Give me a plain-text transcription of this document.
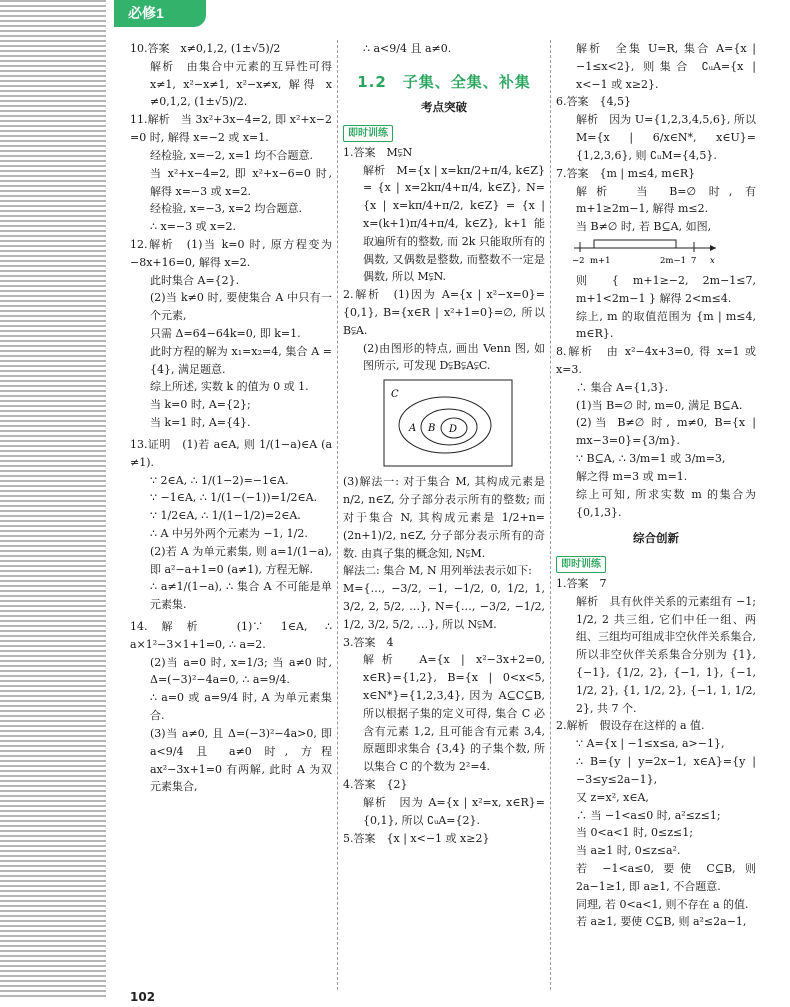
必修1

10.答案　x≠0,1,2, (1±√5)/2

解析　由集合中元素的互异性可得 x≠1, x²−x≠1, x²−x≠x, 解得 x ≠0,1,2, (1±√5)/2.

11.解析　当 3x²+3x−4=2, 即 x²+x−2 =0 时, 解得 x=−2 或 x=1.

经检验, x=−2, x=1 均不合题意.

当 x²+x−4=2, 即 x²+x−6=0 时, 解得 x=−3 或 x=2.

经检验, x=−3, x=2 均合题意.

∴ x=−3 或 x=2.

12.解析　(1)当 k=0 时, 原方程变为 −8x+16=0, 解得 x=2.

此时集合 A={2}.

(2)当 k≠0 时, 要使集合 A 中只有一个元素,

只需 Δ=64−64k=0, 即 k=1.

此时方程的解为 x₁=x₂=4, 集合 A ={4}, 满足题意.

综上所述, 实数 k 的值为 0 或 1.

当 k=0 时, A={2};

当 k=1 时, A={4}.

13.证明　(1)若 a∈A, 则 1/(1−a)∈A (a ≠1).

∵ 2∈A, ∴ 1/(1−2)=−1∈A.

∵ −1∈A, ∴ 1/(1−(−1))=1/2∈A.

∵ 1/2∈A, ∴ 1/(1−1/2)=2∈A.

∴ A 中另外两个元素为 −1, 1/2.

(2)若 A 为单元素集, 则 a=1/(1−a), 即 a²−a+1=0 (a≠1), 方程无解.

∴ a≠1/(1−a), ∴ 集合 A 不可能是单元素集.

14.解析　(1)∵ 1∈A, ∴ a×1²−3×1+1=0, ∴ a=2.

(2)当 a=0 时, x=1/3; 当 a≠0 时, Δ=(−3)²−4a=0, ∴ a=9/4.

∴ a=0 或 a=9/4 时, A 为单元素集合.

(3)当 a≠0, 且 Δ=(−3)²−4a>0, 即 a<9/4 且 a≠0 时, 方程 ax²−3x+1=0 有两解, 此时 A 为双元素集合,

∴ a<9/4 且 a≠0.

1.2　子集、全集、补集
考点突破
即时训练

1.答案　M⫋N

解析　M={x | x=kπ/2+π/4, k∈Z} = {x | x=2kπ/4+π/4, k∈Z}, N={x | x=kπ/4+π/2, k∈Z} = {x | x=(k+1)π/4+π/4, k∈Z}, k+1 能取遍所有的整数, 而 2k 只能取所有的偶数, 又偶数是整数, 而整数不一定是偶数, 所以 M⫋N.

2.解析　(1)因为 A={x | x²−x=0}={0,1}, B={x∈R | x²+1=0}=∅, 所以 B⫋A.

(2)由图形的特点, 画出 Venn 图, 如图所示, 可发现 D⫋B⫋A⫋C.

C
A B D

(3)解法一: 对于集合 M, 其构成元素是 n/2, n∈Z, 分子部分表示所有的整数; 而对于集合 N, 其构成元素是 1/2+n=(2n+1)/2, n∈Z, 分子部分表示所有的奇数. 由真子集的概念知, N⫋M.

解法二: 集合 M, N 用列举法表示如下:

M={…, −3/2, −1, −1/2, 0, 1/2, 1, 3/2, 2, 5/2, …}, N={…, −3/2, −1/2, 1/2, 3/2, 5/2, …}, 所以 N⫋M.

3.答案　4

解析　A={x | x²−3x+2=0, x∈R}={1,2}, B={x | 0<x<5, x∈N*}={1,2,3,4}, 因为 A⊆C⊆B, 所以根据子集的定义可得, 集合 C 必含有元素 1,2, 且可能含有元素 3,4, 原题即求集合 {3,4} 的子集个数, 所以集合 C 的个数为 2²=4.

4.答案　{2}

解析　因为 A={x | x²=x, x∈R}={0,1}, 所以 ∁ᵤA={2}.

5.答案　{x | x<−1 或 x≥2}

解析　全集 U=R, 集合 A={x | −1≤x<2}, 则集合 ∁ᵤA={x | x<−1 或 x≥2}.

6.答案　{4,5}

解析　因为 U={1,2,3,4,5,6}, 所以 M={x | 6/x∈N*, x∈U}={1,2,3,6}, 则 ∁ᵤM={4,5}.

7.答案　{m | m≤4, m∈R}

解析　当 B=∅ 时, 有 m+1≥2m−1, 解得 m≤2.

当 B≠∅ 时, 若 B⊆A, 如图,

−2 m+1	2m−1 7 x

则 { m+1≥−2, 2m−1≤7, m+1<2m−1 } 解得 2<m≤4.

综上, m 的取值范围为 {m | m≤4, m∈R}.

8.解析　由 x²−4x+3=0, 得 x=1 或 x=3.

∴ 集合 A={1,3}.

(1)当 B=∅ 时, m=0, 满足 B⊆A.

(2)当 B≠∅ 时, m≠0, B={x | mx−3=0}={3/m}.

∵ B⊆A, ∴ 3/m=1 或 3/m=3,

解之得 m=3 或 m=1.

综上可知, 所求实数 m 的集合为 {0,1,3}.

综合创新
即时训练

1.答案　7

解析　具有伙伴关系的元素组有 −1; 1/2, 2 共三组, 它们中任一组、两组、三组均可组成非空伙伴关系集合, 所以非空伙伴关系集合分别为 {1}, {−1}, {1/2, 2}, {−1, 1}, {−1, 1/2, 2}, {1, 1/2, 2}, {−1, 1, 1/2, 2}, 共 7 个.

2.解析　假设存在这样的 a 值.

∵ A={x | −1≤x≤a, a>−1},

∴ B={y | y=2x−1, x∈A}={y | −3≤y≤2a−1},

又 z=x², x∈A,

∴ 当 −1<a≤0 时, a²≤z≤1;

当 0<a<1 时, 0≤z≤1;

当 a≥1 时, 0≤z≤a².

若 −1<a≤0, 要使 C⊆B, 则 2a−1≥1, 即 a≥1, 不合题意.

同理, 若 0<a<1, 则不存在 a 的值.

若 a≥1, 要使 C⊆B, 则 a²≤2a−1,

102
